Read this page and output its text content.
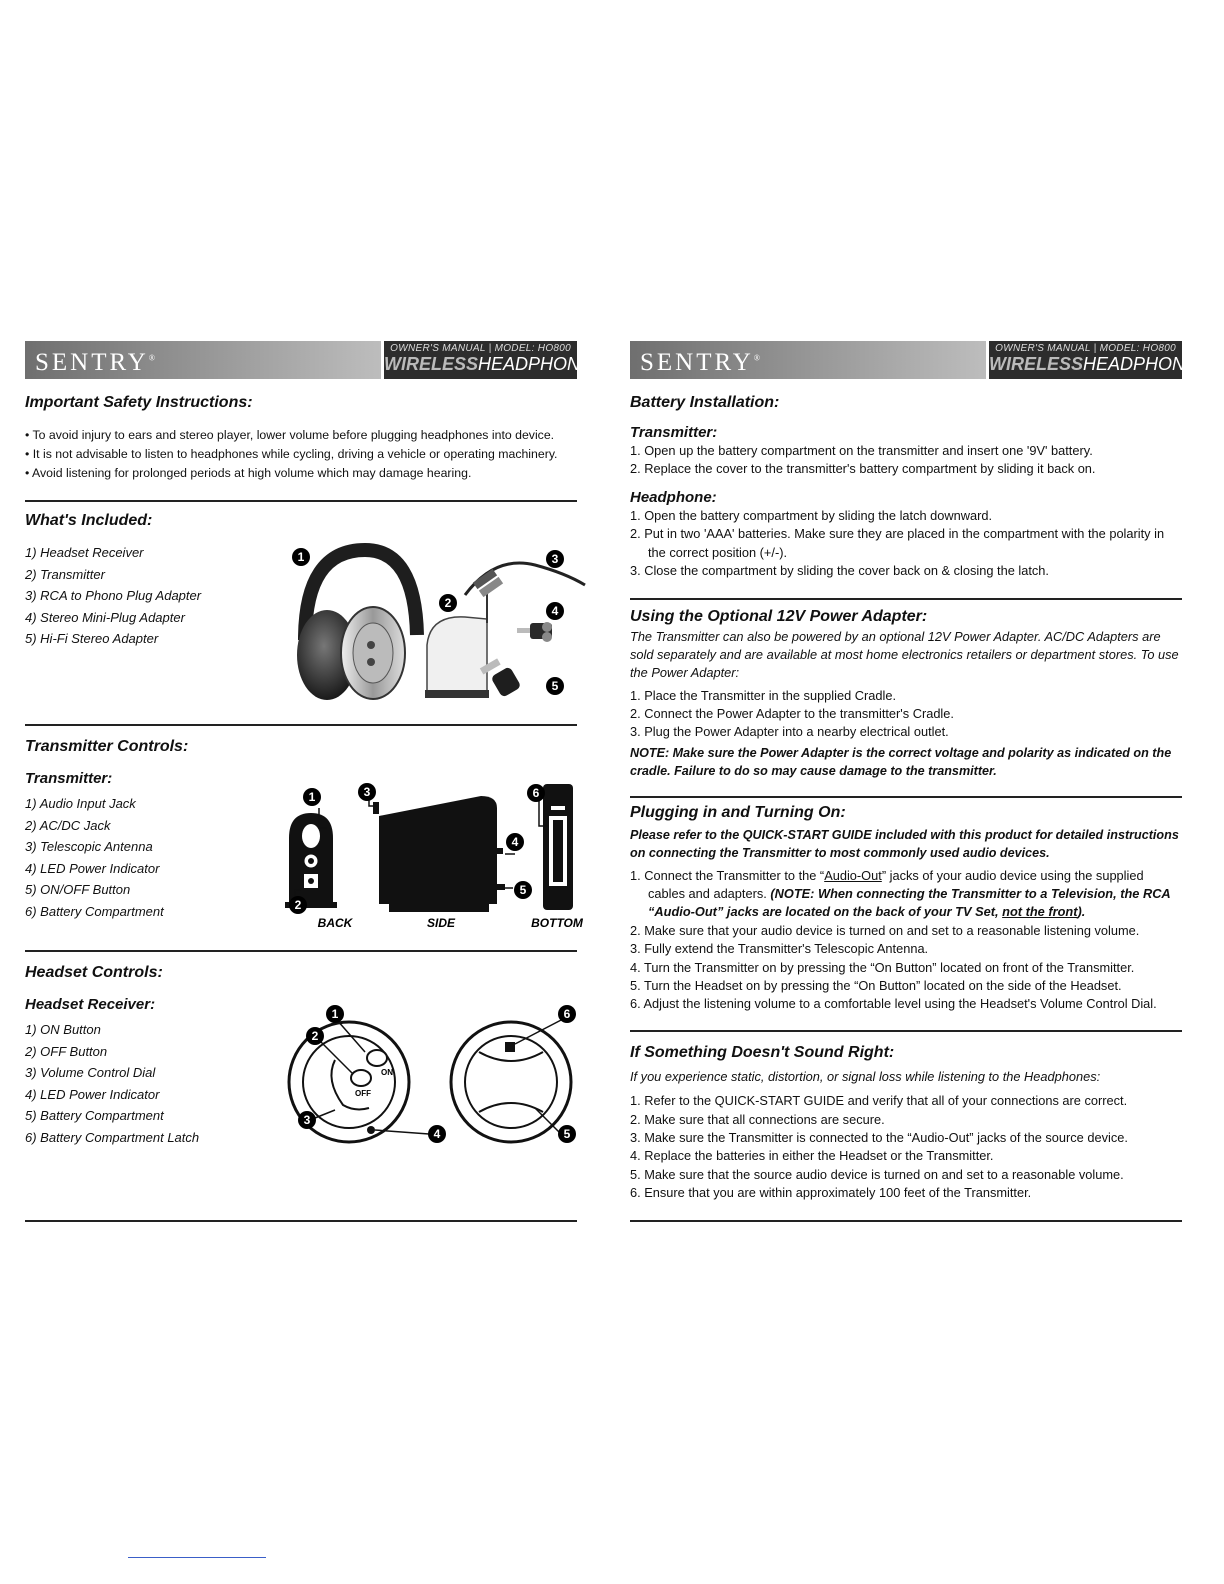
SENTRY®
OWNER'S MANUAL | MODEL: HO800
WIRELESSHEADPHONE
Important Safety Instructions:
• To avoid injury to ears and stereo player, lower volume before plugging headphones into device.
• It is not advisable to listen to headphones while cycling, driving a vehicle or operating machinery.
• Avoid listening for prolonged periods at high volume which may damage hearing.
What's Included:
1) Headset Receiver
2) Transmitter
3) RCA to Phono Plug Adapter
4) Stereo Mini-Plug Adapter
5) Hi-Fi Stereo Adapter
1
2
3
4
5
Transmitter Controls:
Transmitter:
1) Audio Input Jack
2) AC/DC Jack
3) Telescopic Antenna
4) LED Power Indicator
5) ON/OFF Button
6) Battery Compartment
1
2
3
4
5
6
BACK	SIDE	BOTTOM
Headset Controls:
Headset Receiver:
1) ON Button
2) OFF Button
3) Volume Control Dial
4) LED Power Indicator
5) Battery Compartment
6) Battery Compartment Latch
ON
OFF
1
2
3
4	5
6
SENTRY®
OWNER'S MANUAL | MODEL: HO800
WIRELESSHEADPHONE
Battery Installation:
Transmitter:
1. Open up the battery compartment on the transmitter and insert one '9V' battery.
2. Replace the cover to the transmitter's battery compartment by sliding it back on.
Headphone:
1. Open the battery compartment by sliding the latch downward.
2. Put in two 'AAA' batteries. Make sure they are placed in the compartment with the polarity in the correct position (+/-).
3. Close the compartment by sliding the cover back on & closing the latch.
Using the Optional 12V Power Adapter:

The Transmitter can also be powered by an optional 12V Power Adapter. AC/DC Adapters are sold separately and are available at most home electronics retailers or department stores. To use the Power Adapter:

1. Place the Transmitter in the supplied Cradle.
2. Connect the Power Adapter to the transmitter's Cradle.
3. Plug the Power Adapter into a nearby electrical outlet.

NOTE: Make sure the Power Adapter is the correct voltage and polarity as indicated on the cradle. Failure to do so may cause damage to the transmitter.

Plugging in and Turning On:

Please refer to the QUICK-START GUIDE included with this product for detailed instructions on connecting the Transmitter to most commonly used audio devices.

1. Connect the Transmitter to the “Audio-Out” jacks of your audio device using the supplied cables and adapters. (NOTE: When connecting the Transmitter to a Television, the RCA “Audio-Out” jacks are located on the back of your TV Set, not the front).
2. Make sure that your audio device is turned on and set to a reasonable listening volume.
3. Fully extend the Transmitter's Telescopic Antenna.
4. Turn the Transmitter on by pressing the “On Button” located on front of the Transmitter.
5. Turn the Headset on by pressing the “On Button” located on the side of the Headset.
6. Adjust the listening volume to a comfortable level using the Headset's Volume Control Dial.
If Something Doesn't Sound Right:

If you experience static, distortion, or signal loss while listening to the Headphones:

1. Refer to the QUICK-START GUIDE and verify that all of your connections are correct.
2. Make sure that all connections are secure.
3. Make sure the Transmitter is connected to the “Audio-Out” jacks of the source device.
4. Replace the batteries in either the Headset or the Transmitter.
5. Make sure that the source audio device is turned on and set to a reasonable volume.
6. Ensure that you are within approximately 100 feet of the Transmitter.
